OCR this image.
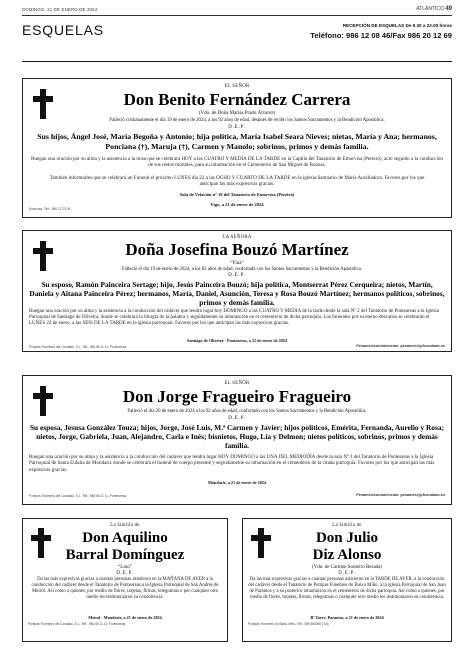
DOMINGO, 21 DE ENERO DE 2024	ATLÁNTICO 49
ESQUELAS	RECEPCIÓN DE ESQUELAS De 9.30 a 22.00 horas
Teléfono: 986 12 08 46/Fax 986 20 12 69
EL SEÑOR
Don Benito Fernández Carrera
(Vdo. de Doña Marisa Prado Álvarez)
Falleció cristianamente el día 19 de enero de 2024, a los 92 años de edad, después de recibir los Santos Sacramentos y la Bendición Apostólica.
D.E.P.
Sus hijos, Ángel José, María Begoña y Antonio; hija política, María Isabel Seara Nieves; nietas, María y Ana; hermanos, Ponciana (†), Maruja (†), Carmen y Manolo; sobrinos, primos y demás familia.
Ruegan una oración por su alma y la asistencia a la misa que se celebrará HOY a las CUATRO Y MEDIA DE LA TARDE en la Capilla del Tanatorio de Emorvisa (Pereiró), acto seguido a la conducción de sus restos mortales, para su inhumación en el Cementerio de San Miguel de Bouzas.
También informarles que se celebrará un Funeral el próximo LUNES día 22 a las OCHO Y CUARTO DE LA TARDE en la iglesia Santuario de María Auxiliadora. Favores por los que anticipan las más expresivas gracias.
Sala de Velación nº 10 del Tanatorio de Emorvisa (Pereiró)
Vigo, a 21 de enero de 2024
Emorvisa. Telf.: 986 27 23 05
LA SEÑORA
Doña Josefina Bouzó Martínez
“Fina”
Falleció el día 19 de enero de 2024, a los 82 años de edad, confortada con los Santos Sacramentos y la Bendición Apostólica.
D.E.P.
Su esposo, Ramón Painceira Sertage; hijo, Jesús Painceira Bouzó; hija política, Montserrat Pérez Cerqueira; nietos, Martín, Daniela y Aitana Painceira Pérez; hermanos, María, Daniel, Asunción, Teresa y Rosa Bouzó Martínez; hermanos políticos, sobrinos, primos y demás familia.
Ruegan una oración por su alma y la asistencia a la conducción del cadáver que tendrá lugar hoy DOMINGO a las CUATRO Y MEDIA de la tarde desde la sala Nº 2 del Tanatorio de Ponteareas a la Iglesia Parroquial de Santiago de Oliveira, donde se celebrará la liturgia de la palabra y seguidamente su inhumación en el cementerio de dicha parroquia. Los funerales por su eterno descanso se celebrarán el LUNES 22 de enero, a las SEIS DE LA TARDE en la iglesia parroquial. Favores por los que anticipan las más expresivas gracias.
Santiago de Oliveira - Ponteareas, a 21 de enero de 2024
Pompas Fúnebres del Condado, S.L. Telf.: 986 66 11 11. Ponteareas.	Pésames/condolencias: pesames@pfcondado.es
EL SEÑOR
Don Jorge Fragueiro Fragueiro
Falleció el día 20 de enero de 2024 a los 92 años de edad, confortado con los Santos Sacramentos y la Bendición Apostólica.
D.E.P.
Su esposa, Jesusa González Touza; hijos, Jorge, José Luis, M.ª Carmen y Javier; hijos políticos, Emérita, Fernanda, Aurelio y Rosa; nietos, Jorge, Gabriela, Juan, Alejandro, Carla e Inés; bisnietos, Hugo, Lía y Delmon; nietos políticos, sobrinos, primos y demás familia.
Ruegan una oración por su alma y la asistencia a la conducción del cadáver que tendrá lugar HOY DOMINGO a las UNA DEL MEDIODÍA desde la sala Nº 3 del Tanatorio de Ponteareas a la Iglesia Parroquial de Santa Eulalia de Mondariz donde se celebrará el funeral de cuerpo presente y seguidamente su inhumación en el cementerio de la citada parroquia. Favores por los que anticipan las más expresivas gracias.
Mondariz, a 21 de enero de 2024
Pompas Fúnebres del Condado, S.L. Telf.: 986 66 11 11. Ponteareas.	Pésames/condolencias: pesames@pfcondado.es
La familia de
Don Aquilino
Barral Domínguez
“Lino”
D.E.P.
Da las más expresivas gracias a cuantas personas asistieron en la MAÑANA DE AYER a la conducción del cadáver desde el Tanatorio de Ponteareas a la Iglesia Parroquial de San Andrés de Meirol. Así como a quienes, por medio de flores, tarjetas, firmas, telegramas o por cualquier otro medio les testimoniaron su condolencia.
Meirol - Mondariz, a 21 de enero de 2024
Pompas Fúnebres del Condado, S.L. Telf.: 986 66 11 11. Ponteareas.
La familia de
Don Julio
Diz Alonso
(Vdo. de Carmen Souteiro Besada)
D.E.P.
Da las más expresivas gracias a cuantas personas asistieron en la TARDE DE AYER, a la conducción del cadáver desde el Tanatorio de Pompas Fúnebres do Baixo Miño, a la iglesia Parroquial de San Juan de Paramos y a su posterior inhumación en el cementerio de dicha parroquia. Así como a quienes, por medio de flores, tarjetas, firmas, telegramas o cualquier otro medio les testimoniaron su condolencia.
Bº Torre, Paramos, a 21 de enero de 2024
Pompas Fúnebres do Baixo Miño. Telf.: 986 606060 (Tui)
